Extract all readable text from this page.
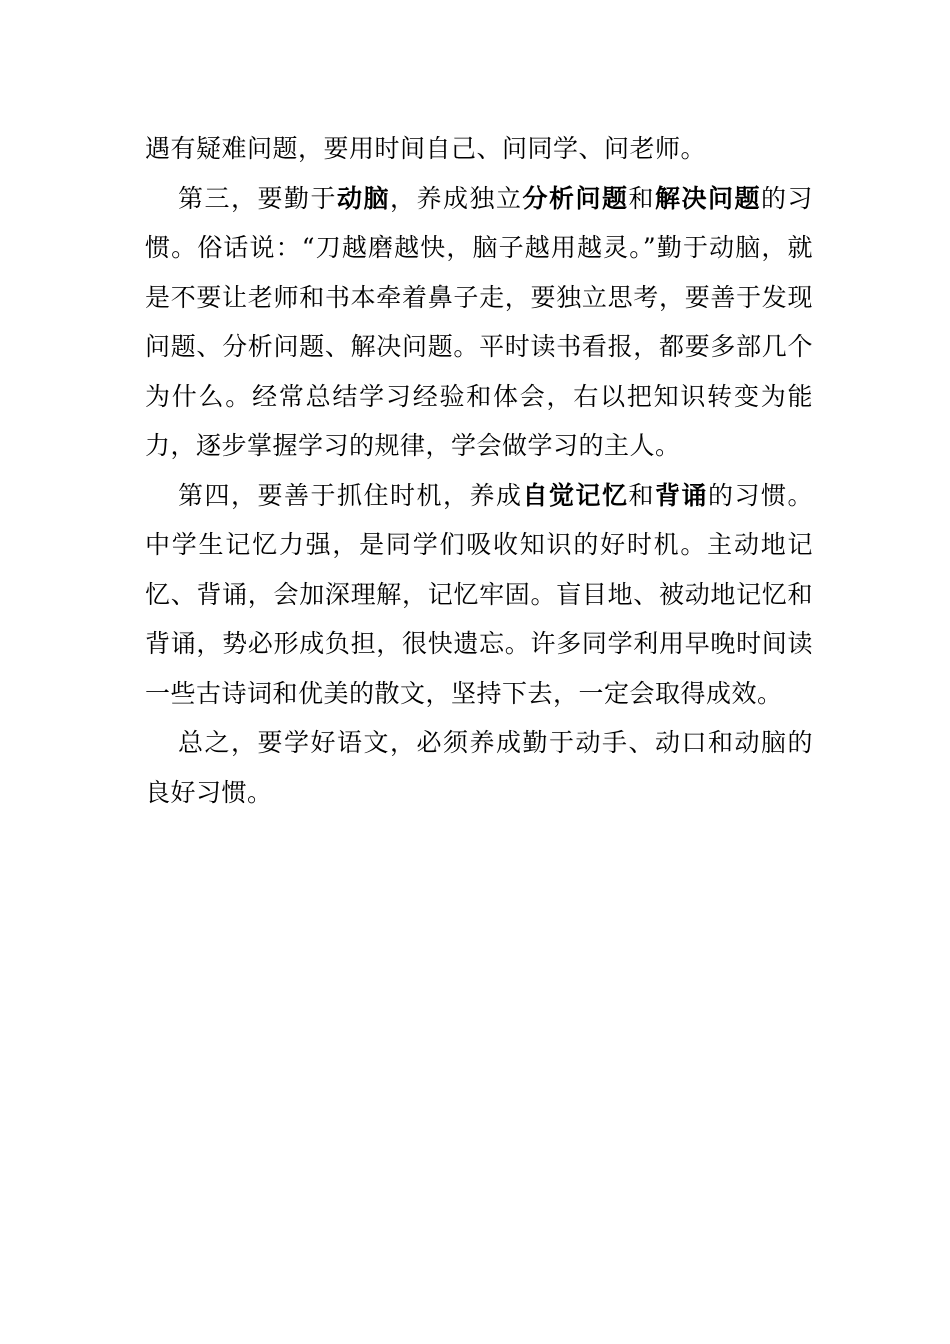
遇有疑难问题，要用时间自己、问同学、问老师。

第三，要勤于动脑，养成独立分析问题和解决问题的习惯。俗话说：“刀越磨越快，脑子越用越灵。”勤于动脑，就是不要让老师和书本牵着鼻子走，要独立思考，要善于发现问题、分析问题、解决问题。平时读书看报，都要多部几个为什么。经常总结学习经验和体会，右以把知识转变为能力，逐步掌握学习的规律，学会做学习的主人。

第四，要善于抓住时机，养成自觉记忆和背诵的习惯。中学生记忆力强，是同学们吸收知识的好时机。主动地记忆、背诵，会加深理解，记忆牢固。盲目地、被动地记忆和背诵，势必形成负担，很快遗忘。许多同学利用早晚时间读一些古诗词和优美的散文，坚持下去，一定会取得成效。

总之，要学好语文，必须养成勤于动手、动口和动脑的良好习惯。
